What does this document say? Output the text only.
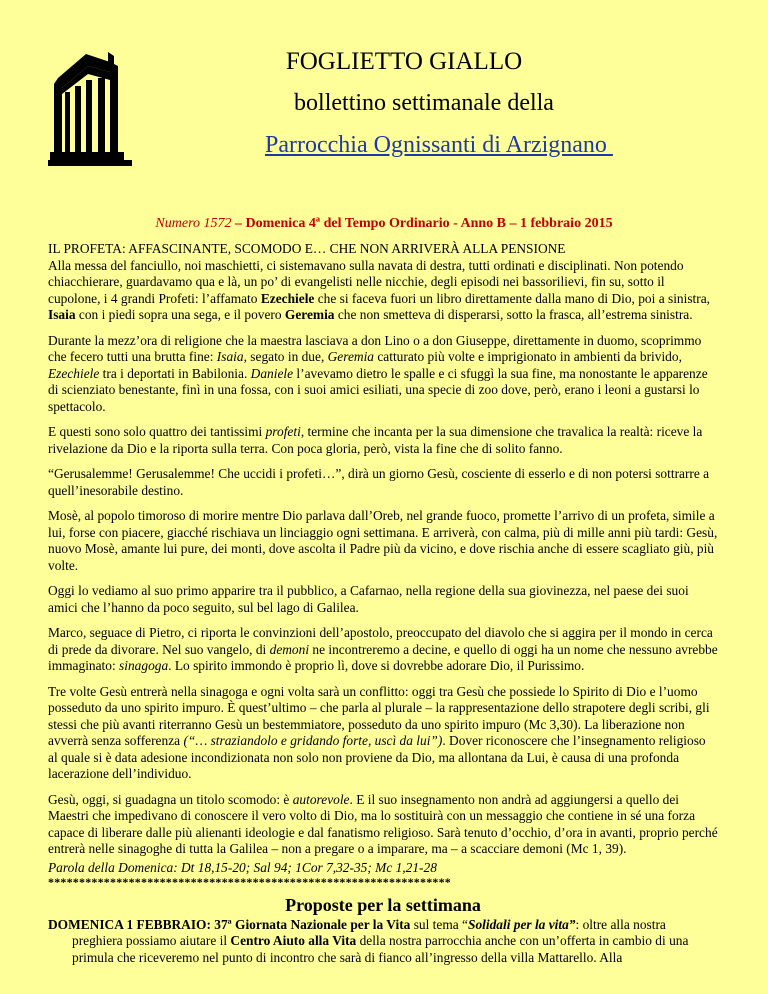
FOGLIETTO GIALLO
bollettino settimanale della
Parrocchia Ognissanti di Arzignano
Numero 1572 – Domenica 4ª del Tempo Ordinario - Anno B – 1 febbraio 2015

IL PROFETA: AFFASCINANTE, SCOMODO E… CHE NON ARRIVERÀ ALLA PENSIONE

Alla messa del fanciullo, noi maschietti, ci sistemavano sulla navata di destra, tutti ordinati e disciplinati. Non potendo chiacchierare, guardavamo qua e là, un po’ di evangelisti nelle nicchie, degli episodi nei bassorilievi, fin su, sotto il cupolone, i 4 grandi Profeti: l’affamato Ezechiele che si faceva fuori un libro direttamente dalla mano di Dio, poi a sinistra, Isaia con i piedi sopra una sega, e il povero Geremia che non smetteva di disperarsi, sotto la frasca, all’estrema sinistra.

Durante la mezz’ora di religione che la maestra lasciava a don Lino o a don Giuseppe, direttamente in duomo, scoprimmo che fecero tutti una brutta fine: Isaia, segato in due, Geremia catturato più volte e imprigionato in ambienti da brivido, Ezechiele tra i deportati in Babilonia. Daniele l’avevamo dietro le spalle e ci sfuggì la sua fine, ma nonostante le apparenze di scienziato benestante, finì in una fossa, con i suoi amici esiliati, una specie di zoo dove, però, erano i leoni a gustarsi lo spettacolo.

E questi sono solo quattro dei tantissimi profeti, termine che incanta per la sua dimensione che travalica la realtà: riceve la rivelazione da Dio e la riporta sulla terra. Con poca gloria, però, vista la fine che di solito fanno.

“Gerusalemme! Gerusalemme! Che uccidi i profeti…”, dirà un giorno Gesù, cosciente di esserlo e di non potersi sottrarre a quell’inesorabile destino.

Mosè, al popolo timoroso di morire mentre Dio parlava dall’Oreb, nel grande fuoco, promette l’arrivo di un profeta, simile a lui, forse con piacere, giacché rischiava un linciaggio ogni settimana. E arriverà, con calma, più di mille anni più tardi: Gesù, nuovo Mosè, amante lui pure, dei monti, dove ascolta il Padre più da vicino, e dove rischia anche di essere scagliato giù, più volte.

Oggi lo vediamo al suo primo apparire tra il pubblico, a Cafarnao, nella regione della sua giovinezza, nel paese dei suoi amici che l’hanno da poco seguito, sul bel lago di Galilea.

Marco, seguace di Pietro, ci riporta le convinzioni dell’apostolo, preoccupato del diavolo che si aggira per il mondo in cerca di prede da divorare. Nel suo vangelo, di demoni ne incontreremo a decine, e quello di oggi ha un nome che nessuno avrebbe immaginato: sinagoga. Lo spirito immondo è proprio lì, dove si dovrebbe adorare Dio, il Purissimo.

Tre volte Gesù entrerà nella sinagoga e ogni volta sarà un conflitto: oggi tra Gesù che possiede lo Spirito di Dio e l’uomo posseduto da uno spirito impuro. È quest’ultimo – che parla al plurale – la rappresentazione dello strapotere degli scribi, gli stessi che più avanti riterranno Gesù un bestemmiatore, posseduto da uno spirito impuro (Mc 3,30). La liberazione non avverrà senza sofferenza (“… straziandolo e gridando forte, uscì da lui”). Dover riconoscere che l’insegnamento religioso al quale si è data adesione incondizionata non solo non proviene da Dio, ma allontana da Lui, è causa di una profonda lacerazione dell’individuo.

Gesù, oggi, si guadagna un titolo scomodo: è autorevole. E il suo insegnamento non andrà ad aggiungersi a quello dei Maestri che impedivano di conoscere il vero volto di Dio, ma lo sostituirà con un messaggio che contiene in sé una forza capace di liberare dalle più alienanti ideologie e dal fanatismo religioso. Sarà tenuto d’occhio, d’ora in avanti, proprio perché entrerà nelle sinagoghe di tutta la Galilea – non a pregare o a imparare, ma – a scacciare demoni (Mc 1, 39).

Parola della Domenica: Dt 18,15-20; Sal 94; 1Cor 7,32-35; Mc 1,21-28

*****************************************************************

Proposte per la settimana

DOMENICA 1 FEBBRAIO: 37ª Giornata Nazionale per la Vita sul tema “Solidali per la vita”: oltre alla nostra preghiera possiamo aiutare il Centro Aiuto alla Vita della nostra parrocchia anche con un’offerta in cambio di una primula che riceveremo nel punto di incontro che sarà di fianco all’ingresso della villa Mattarello. Alla
